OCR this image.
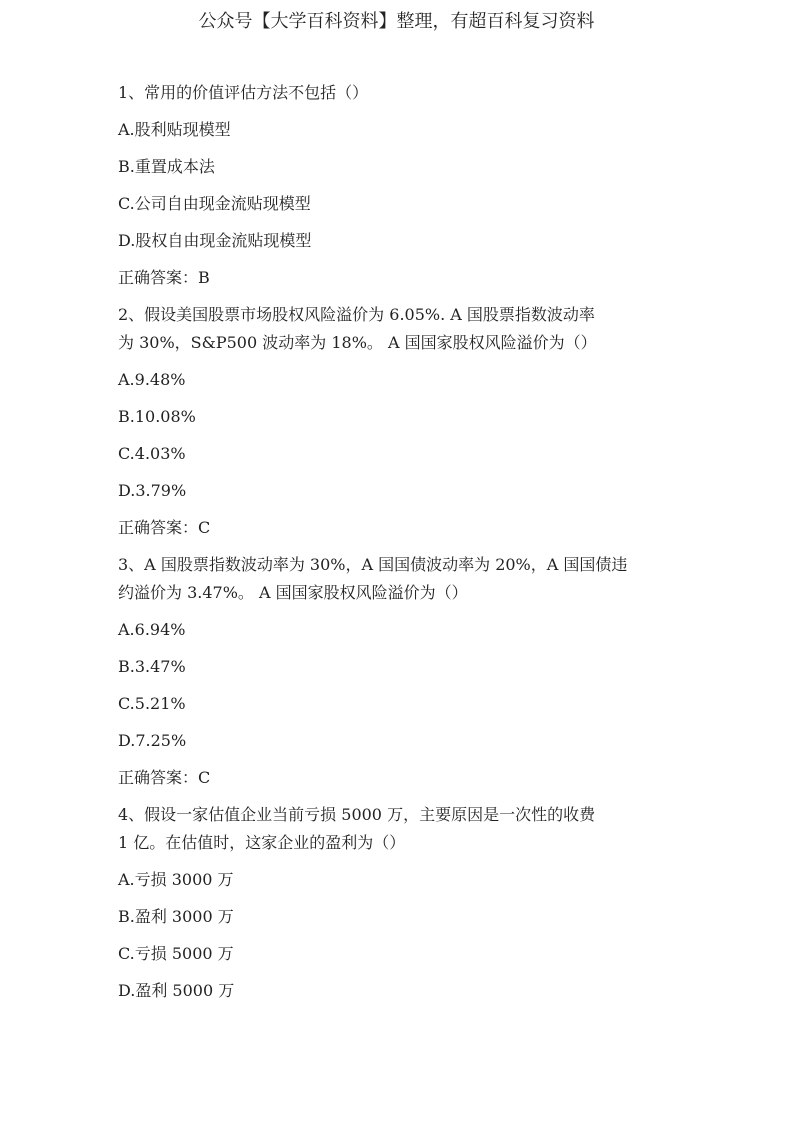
公众号【大学百科资料】整理，有超百科复习资料
1、常用的价值评估方法不包括（）
A.股利贴现模型
B.重置成本法
C.公司自由现金流贴现模型
D.股权自由现金流贴现模型
正确答案：B
2、假设美国股票市场股权风险溢价为 6.05%. A 国股票指数波动率
为 30%，S&P500 波动率为 18%。 A 国国家股权风险溢价为（）
A.9.48%
B.10.08%
C.4.03%
D.3.79%
正确答案：C
3、A 国股票指数波动率为 30%，A 国国债波动率为 20%，A 国国债违
约溢价为 3.47%。 A 国国家股权风险溢价为（）
A.6.94%
B.3.47%
C.5.21%
D.7.25%
正确答案：C
4、假设一家估值企业当前亏损 5000 万，主要原因是一次性的收费
1 亿。在估值时，这家企业的盈利为（）
A.亏损 3000 万
B.盈利 3000 万
C.亏损 5000 万
D.盈利 5000 万
